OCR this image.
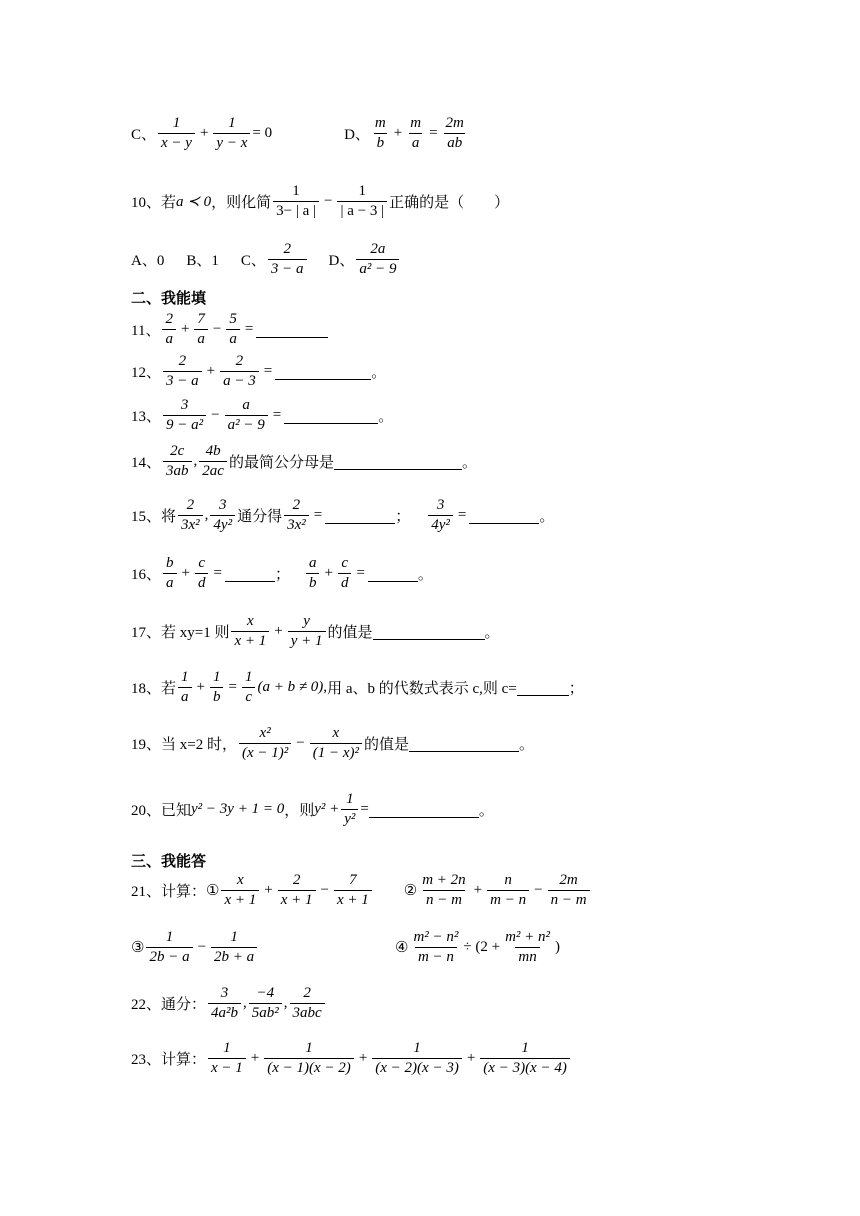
C、 $\frac{1}{x - y} + \frac{1}{y - x} = 0$	D、 $\frac{m}{b} + \frac{m}{a} = \frac{2m}{ab}$
10、若 a ≺ 0 ，则化简 $\frac{1}{3- | a |} - \frac{1}{| a - 3 |}$ 正确的是（　　）
A、0 B、1 C、 $\frac{2}{3 - a}$ D、 $\frac{2a}{\text{a² − 9}}$
二、我能填
11、 $\frac{2}{a} + \frac{7}{a} - \frac{5}{a}$ =
12、 $\frac{2}{3 - a} + \frac{2}{a - 3}$ =	。
13、 $\frac{3}{\text{9 − a²}} - \frac{a}{\text{a² − 9}}$ =	。
14、 $\frac{2c}{3ab}$ , $\frac{4b}{2ac}$ 的最简公分母是	。
15、将 $\frac{2}{\text{3x²}}$ , $\frac{3}{\text{4y²}}$ 通分得 $\frac{2}{\text{3x²}}$ =	； $\frac{3}{\text{4y²}}$ =	。
16、 $\frac{b}{a} + \frac{c}{d}$ =	； $\frac{a}{b} + \frac{c}{d}$ =	。
17、若 xy=1 则 $\frac{x}{x + 1} + \frac{y}{y + 1}$ 的值是	。
18、若 $\frac{1}{a} + \frac{1}{b} = \frac{1}{c} (a + b \ne 0)$, 用 a、b 的代数式表示 c,则 c=	；
19、当 x=2 时， $\frac{\text{x²}}{\text{(x − 1)²}} - \frac{x}{\text{(1 − x)²}}$ 的值是	。
20、已知 y² − 3y + 1 = 0 ，则 $y^2 + \frac{1}{\text{y²}}$ =	。
三、我能答
21、计算： ① $\frac{x}{x + 1} + \frac{2}{x + 1} - \frac{7}{x + 1}$ ② $\frac{m + 2n}{n - m} + \frac{n}{m - n} - \frac{2m}{n - m}$
③ $\frac{1}{2b - a} - \frac{1}{2b + a}$	④ $\frac{\text{m² − n²}}{m - n} \div (2 + \frac{\text{m² + n²}}{mn}$ )
22、通分： $\frac{3}{\text{4a²b}}$ , $\frac{-4}{\text{5ab²}}$ , $\frac{2}{\text{3abc}}$
23、计算： $\frac{1}{x - 1} + \frac{1}{(x - 1)(x - 2)} + \frac{1}{(x - 2)(x - 3)} + \frac{1}{(x - 3)(x - 4)}$
